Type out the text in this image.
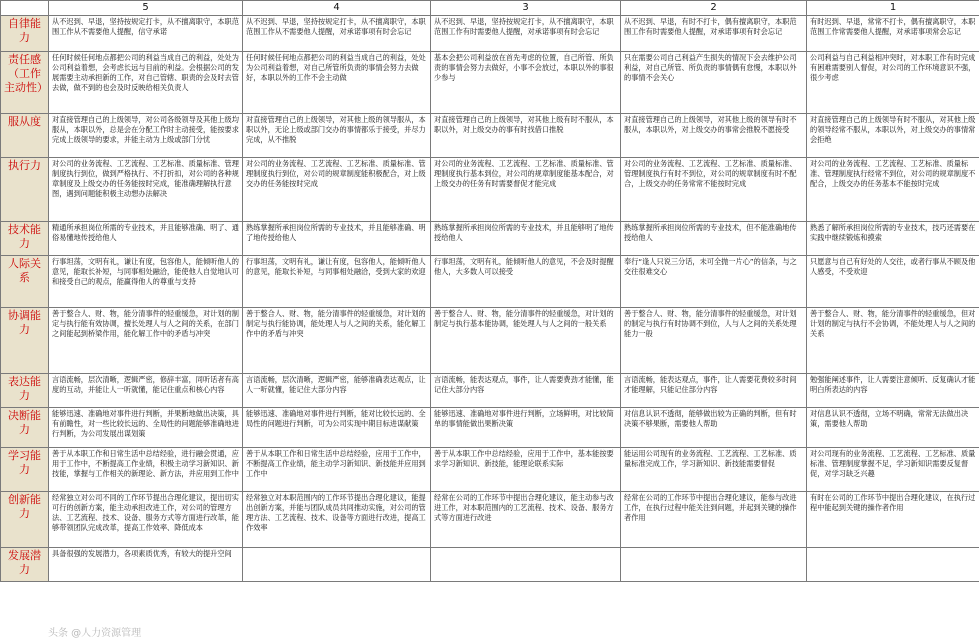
	5	4	3	2	1
自律能力	从不迟到、早退，坚持按规定打卡，从不擅离职守，本职范围工作从不需要他人提醒，信守承诺	从不迟到、早退，坚持按规定打卡，从不擅离职守，本职范围工作从不需要他人提醒，对承诺事项有时会忘记	从不迟到、早退，坚持按规定打卡，从不擅离职守，本职范围工作有时需要他人提醒，对承诺事项有时会忘记	从不迟到、早退，有时不打卡，偶有擅离职守，本职范围工作有时需要他人提醒，对承诺事项有时会忘记	有时迟到、早退，常常不打卡，偶有擅离职守，本职范围工作常需要他人提醒，对承诺事项常会忘记
责任感（工作主动性）	任何时候任何地点都把公司的利益当成自己的利益，处处为公司利益着想，会考虑长远与目前的利益。会根据公司的发展需要主动承担新的工作，对自己管辖、职责的会及时去管去做，做不到的也会及时反映给相关负责人	任何时候任何地点都把公司的利益当成自己的利益，处处为公司利益着想，对自己所管所负责的事情会努力去做好，本职以外的工作不会主动做	基本会把公司利益放在首先考虑的位置，自己所管、所负责的事情会努力去做好，小事不会放过，本职以外的事很少参与	只在需要公司自己利益产生损失的情况下会去维护公司利益，对自己所管、所负责的事情偶有怠慢，本职以外的事情不会关心	公司利益与自己利益相冲突时，对本职工作有时完成有困难需要别人督促，对公司的工作环境意识不强，很少考虑
服从度	对直接管理自己的上级领导，对公司各级领导及其他上级均服从，本职以外，总是会在分配工作时主动接受，能按要求完成上级领导的要求，并能主动为上级或部门分忧	对直接管理自己的上级领导，对其他上级的领导服从，本职以外，无论上级或部门交办的事情都乐于接受，并尽力完成，从不推脱	对直接管理自己的上级领导，对其他上级有时不服从，本职以外，对上级交办的事有时找借口推脱	对直接管理自己的上级领导，对其他上级的领导有时不服从，本职以外，对上级交办的事常会推脱不愿接受	对直接管理自己的上级领导有时不服从，对其他上级的领导经常不服从，本职以外，对上级交办的事情常会拒绝
执行力	对公司的业务流程、工艺流程、工艺标准、质量标准、管理制度执行到位，做到严格执行、不打折扣，对公司的各种规章制度及上级交办的任务能按时完成，能准确理解执行意图，遇到问题能积极主动想办法解决	对公司的业务流程、工艺流程、工艺标准、质量标准、管理制度执行到位，对公司的规章制度能积极配合，对上级交办的任务能按时完成	对公司的业务流程、工艺流程、工艺标准、质量标准、管理制度执行基本到位，对公司的规章制度能基本配合，对上级交办的任务有时需要督促才能完成	对公司的业务流程、工艺流程、工艺标准、质量标准、管理制度执行有时不到位，对公司的规章制度有时不配合，上级交办的任务常常不能按时完成	对公司的业务流程、工艺流程、工艺标准、质量标准、管理制度执行经常不到位，对公司的规章制度不配合，上级交办的任务基本不能按时完成
技术能力	精通所承担岗位所需的专业技术，并且能够准确、明了、通俗易懂地传授给他人	熟练掌握所承担岗位所需的专业技术，并且能够准确、明了地传授给他人	熟练掌握所承担岗位所需的专业技术，并且能够明了地传授给他人	熟练掌握所承担岗位所需的专业技术，但不能准确地传授给他人	熟悉了解所承担岗位所需的专业技术，技巧还需要在实践中继续锻炼和摸索
人际关系	行事坦荡，文明有礼，谦让有度，包容他人，能倾听他人的意见，能取长补短，与同事相处融洽，能使他人自觉地认可和接受自己的观点，能赢得他人的尊重与支持	行事坦荡，文明有礼，谦让有度，包容他人，能倾听他人的意见，能取长补短，与同事相处融洽，受到大家的欢迎	行事坦荡，文明有礼，能倾听他人的意见，不会及时提醒他人，大多数人可以接受	奉行“逢人只说三分话，未可全抛一片心”的信条，与之交往很难交心	只愿意与自己有好处的人交往，或者行事从不顾及他人感受，不受欢迎
协调能力	善于整合人、财、物，能分清事件的轻重缓急，对计划的制定与执行能有效协调，擅长处理人与人之间的关系，在部门之间能起到桥梁作用，能化解工作中的矛盾与冲突	善于整合人、财、物，能分清事件的轻重缓急，对计划的制定与执行能协调，能处理人与人之间的关系，能化解工作中的矛盾与冲突	善于整合人、财、物，能分清事件的轻重缓急，对计划的制定与执行基本能协调，能处理人与人之间的一般关系	善于整合人、财、物，能分清事件的轻重缓急，对计划的制定与执行有时协调不到位，人与人之间的关系处理能力一般	善于整合人、财、物，能分清事件的轻重缓急，但对计划的制定与执行不会协调，不能处理人与人之间的关系
表达能力	言语流畅，层次清晰，逻辑严密，修辞丰富，同听话者有高度的互动，并能让人一听就懂，能记住重点和核心内容	言语流畅，层次清晰，逻辑严密，能够准确表达观点，让人一听就懂，能记住大部分内容	言语流畅，能表达观点，事件，让人需要费劲才能懂，能记住大部分内容	言语流畅，能表达观点，事件，让人需要花费较多时间才能理解，只能记住部分内容	勉强能阐述事件，让人需要注意倾听、反复确认才能明白所表达的内容
决断能力	能够迅速、准确地对事件进行判断，并果断地做出决策，具有前瞻性，对一些比较长远的、全局性的问题能够准确地进行判断，为公司发展出谋划策	能够迅速、准确地对事件进行判断，能对比较长远的、全局性的问题进行判断，可为公司实现中期目标进谋献策	能够迅速、准确地对事件进行判断，立场鲜明，对比较简单的事情能做出果断决策	对信息认识不透彻，能够做出较为正确的判断，但有时决策不够果断，需要他人帮助	对信息认识不透彻，立场不明确，常常无法做出决策，需要他人帮助
学习能力	善于从本职工作和日常生活中总结经验，进行融会贯通，应用于工作中，不断提高工作业绩，积极主动学习新知识、新技能，掌握与工作相关的新理论、新方法，并应用到工作中	善于从本职工作和日常生活中总结经验，应用于工作中，不断提高工作业绩，能主动学习新知识、新技能并应用到工作中	善于从本职工作中总结经验，应用于工作中，基本能按要求学习新知识、新技能，能理论联系实际	能运用公司现有的业务流程、工艺流程、工艺标准、质量标准完成工作，学习新知识、新技能需要督促	对公司现有的业务流程、工艺流程、工艺标准、质量标准、管理制度掌握不足，学习新知识需要反复督促，对学习缺乏兴趣
创新能力	经常独立对公司不同的工作环节提出合理化建议，提出切实可行的创新方案，能主动承担改进工作，对公司的管理方法、工艺流程、技术、设备、服务方式等方面进行改革，能够带领团队完成改革，提高工作效率、降低成本	经常独立对本职范围内的工作环节提出合理化建议，能提出创新方案，并能与团队成员共同推动实施，对公司的管理方法、工艺流程、技术、设备等方面进行改进，提高工作效率	经常在公司的工作环节中提出合理化建议，能主动参与改进工作，对本职范围内的工艺流程、技术、设备、服务方式等方面进行改进	经常在公司的工作环节中提出合理化建议，能参与改进工作，在执行过程中能关注到问题，并起到关键的操作者作用	有时在公司的工作环节中提出合理化建议，在执行过程中能起到关键的操作者作用
发展潜力	具备很强的发展潜力，各项素质优秀，有较大的提升空间				
头条 @人力资源管理
